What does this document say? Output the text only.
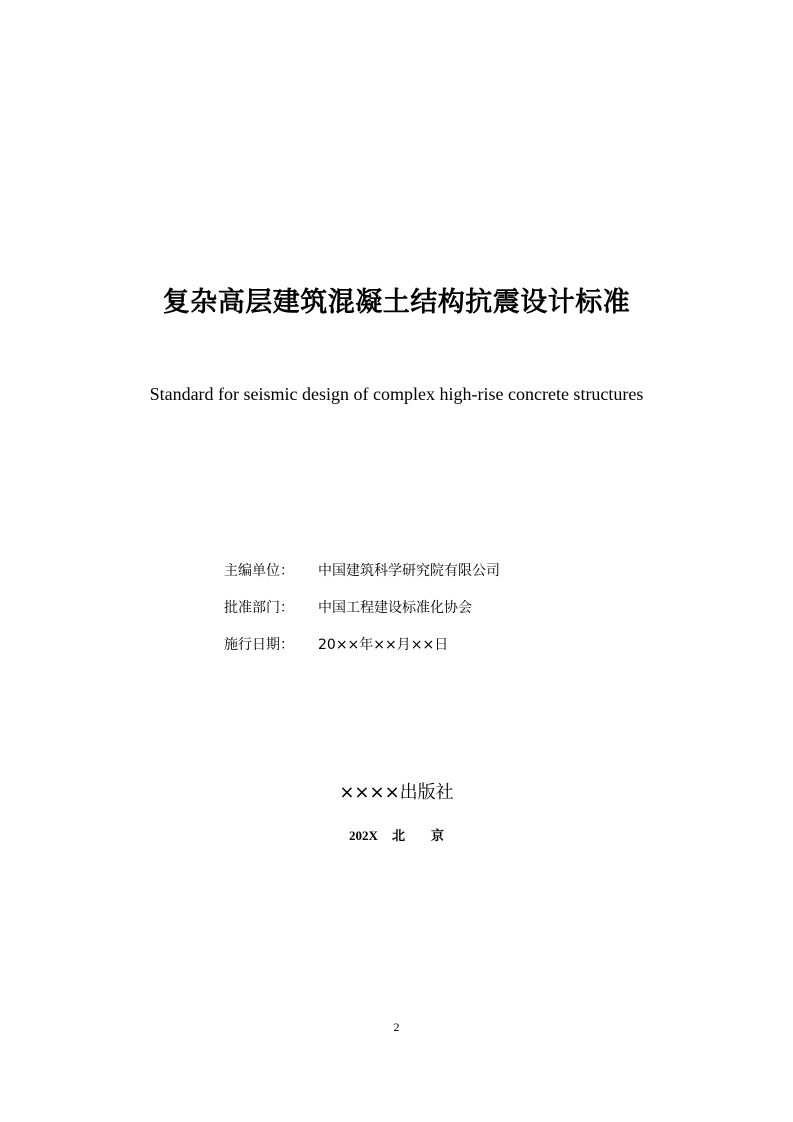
复杂高层建筑混凝土结构抗震设计标准
Standard for seismic design of complex high-rise concrete structures
主编单位：	中国建筑科学研究院有限公司
批准部门：	中国工程建设标准化协会
施行日期：	20××年××月××日
××××出版社
202X 北　　京
2
